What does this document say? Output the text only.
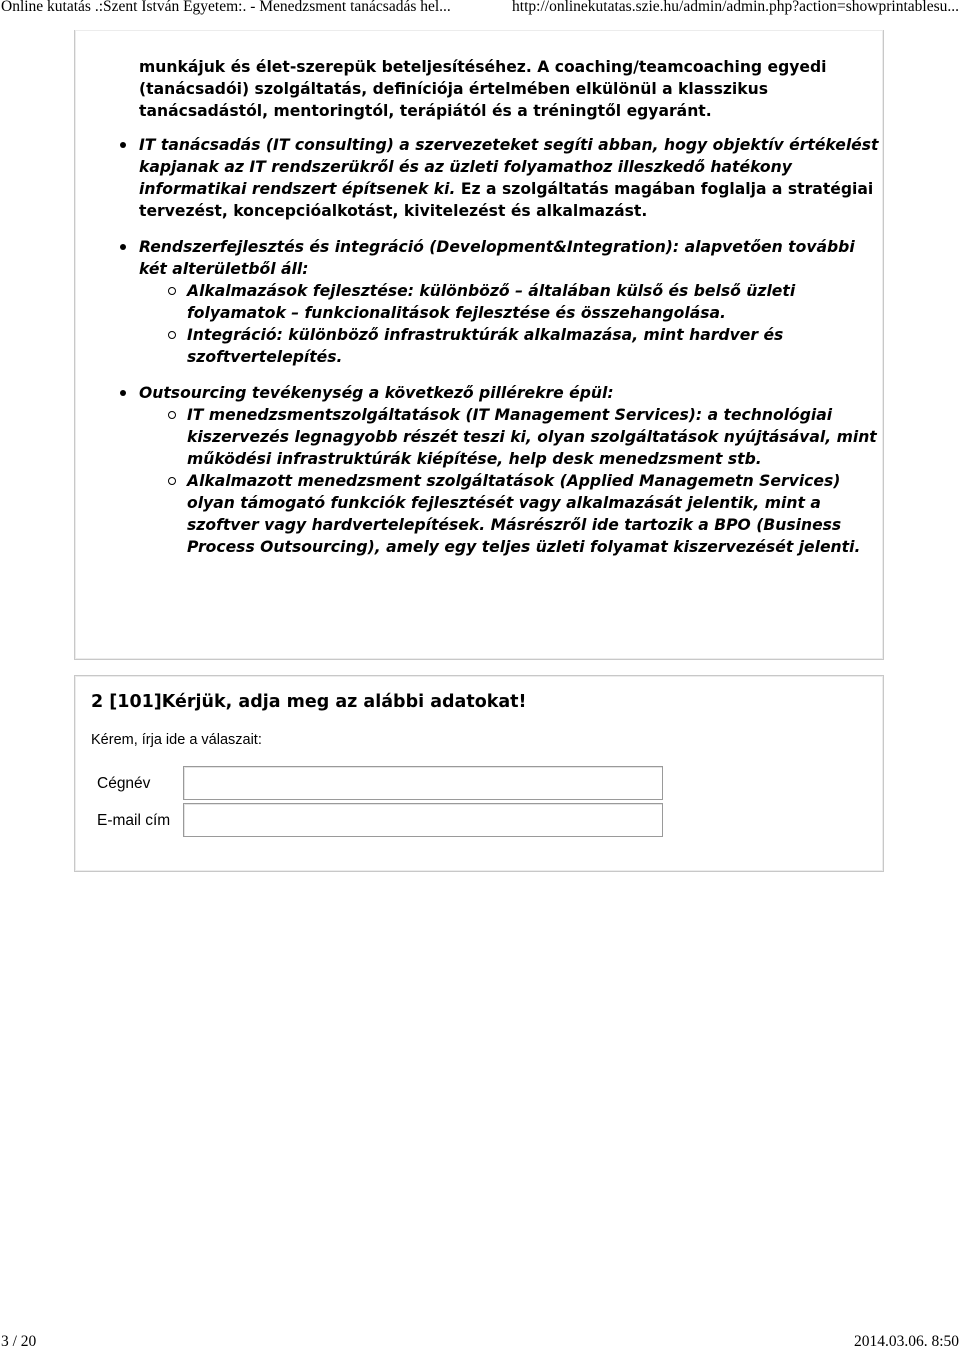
Online kutatás .:Szent István Egyetem:. - Menedzsment tanácsadás hel...	http://onlinekutatas.szie.hu/admin/admin.php?action=showprintablesu...

munkájuk és élet-szerepük beteljesítéséhez. A coaching/teamcoaching egyedi (tanácsadói) szolgáltatás, definíciója értelmében elkülönül a klasszikus tanácsadástól, mentoringtól, terápiától és a tréningtől egyaránt.

IT tanácsadás (IT consulting) a szervezeteket segíti abban, hogy objektív értékelést kapjanak az IT rendszerükről és az üzleti folyamathoz illeszkedő hatékony informatikai rendszert építsenek ki. Ez a szolgáltatás magában foglalja a stratégiai tervezést, koncepcióalkotást, kivitelezést és alkalmazást.
Rendszerfejlesztés és integráció (Development&Integration): alapvetően további két alterületből áll:
Alkalmazások fejlesztése: különböző – általában külső és belső üzleti folyamatok – funkcionalitások fejlesztése és összehangolása.
Integráció: különböző infrastruktúrák alkalmazása, mint hardver és szoftvertelepítés.
Outsourcing tevékenység a következő pillérekre épül:
IT menedzsmentszolgáltatások (IT Management Services): a technológiai kiszervezés legnagyobb részét teszi ki, olyan szolgáltatások nyújtásával, mint működési infrastruktúrák kiépítése, help desk menedzsment stb.
Alkalmazott menedzsment szolgáltatások (Applied Managemetn Services) olyan támogató funkciók fejlesztését vagy alkalmazását jelentik, mint a szoftver vagy hardvertelepítések. Másrészről ide tartozik a BPO (Business Process Outsourcing), amely egy teljes üzleti folyamat kiszervezését jelenti.
2 [101]Kérjük, adja meg az alábbi adatokat!
Kérem, írja ide a válaszait:
Cégnév
E-mail cím
3 / 20	2014.03.06. 8:50
